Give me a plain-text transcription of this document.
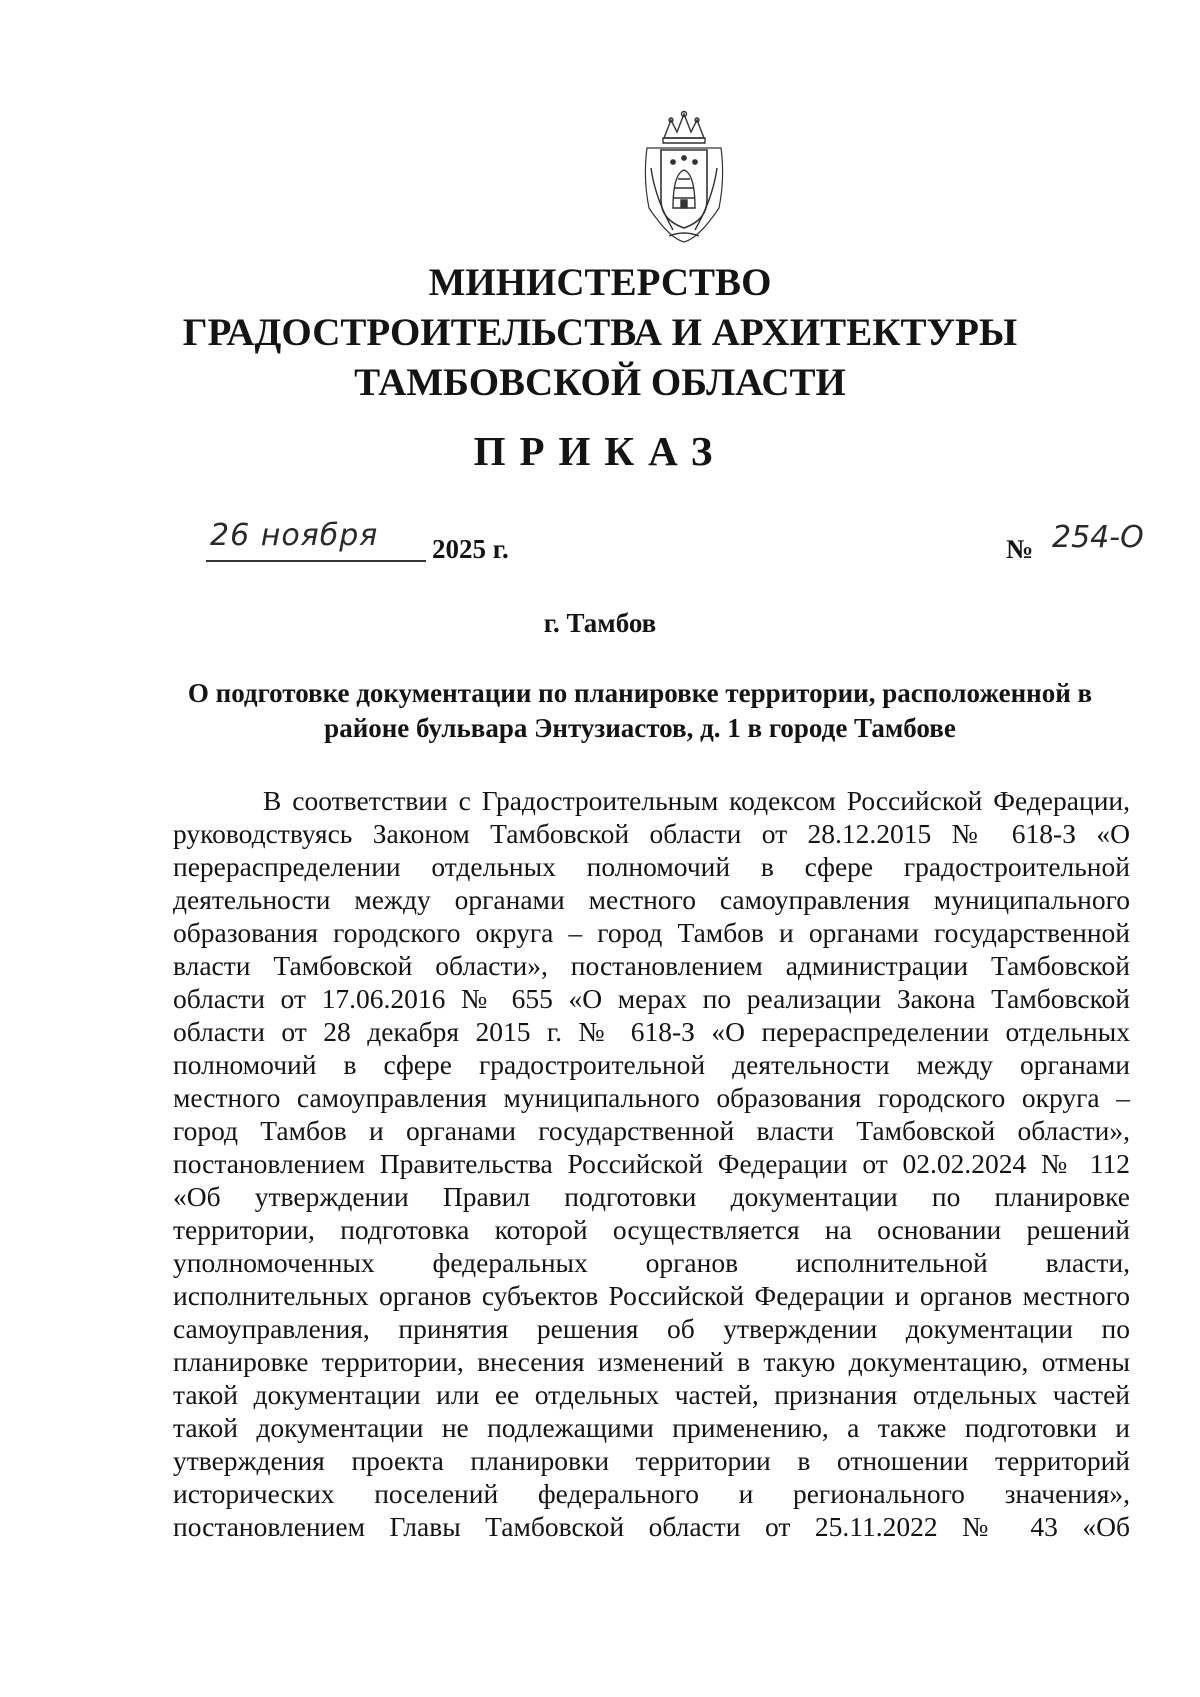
МИНИСТЕРСТВО
ГРАДОСТРОИТЕЛЬСТВА И АРХИТЕКТУРЫ
ТАМБОВСКОЙ ОБЛАСТИ
ПРИКАЗ
26 ноября 2025 г.	№ 254-О
г. Тамбов
О подготовке документации по планировке территории, расположенной в
районе бульвара Энтузиастов, д. 1 в городе Тамбове
В соответствии с Градостроительным кодексом Российской Федерации,
руководствуясь Законом Тамбовской области от 28.12.2015 № 618-З «О
перераспределении отдельных полномочий в сфере градостроительной
деятельности между органами местного самоуправления муниципального
образования городского округа – город Тамбов и органами государственной
власти Тамбовской области», постановлением администрации Тамбовской
области от 17.06.2016 № 655 «О мерах по реализации Закона Тамбовской
области от 28 декабря 2015 г. № 618-З «О перераспределении отдельных
полномочий в сфере градостроительной деятельности между органами
местного самоуправления муниципального образования городского округа –
город Тамбов и органами государственной власти Тамбовской области»,
постановлением Правительства Российской Федерации от 02.02.2024 № 112
«Об утверждении Правил подготовки документации по планировке
территории, подготовка которой осуществляется на основании решений
уполномоченных федеральных органов исполнительной власти,
исполнительных органов субъектов Российской Федерации и органов местного
самоуправления, принятия решения об утверждении документации по
планировке территории, внесения изменений в такую документацию, отмены
такой документации или ее отдельных частей, признания отдельных частей
такой документации не подлежащими применению, а также подготовки и
утверждения проекта планировки территории в отношении территорий
исторических поселений федерального и регионального значения»,
постановлением Главы Тамбовской области от 25.11.2022 № 43 «Об
